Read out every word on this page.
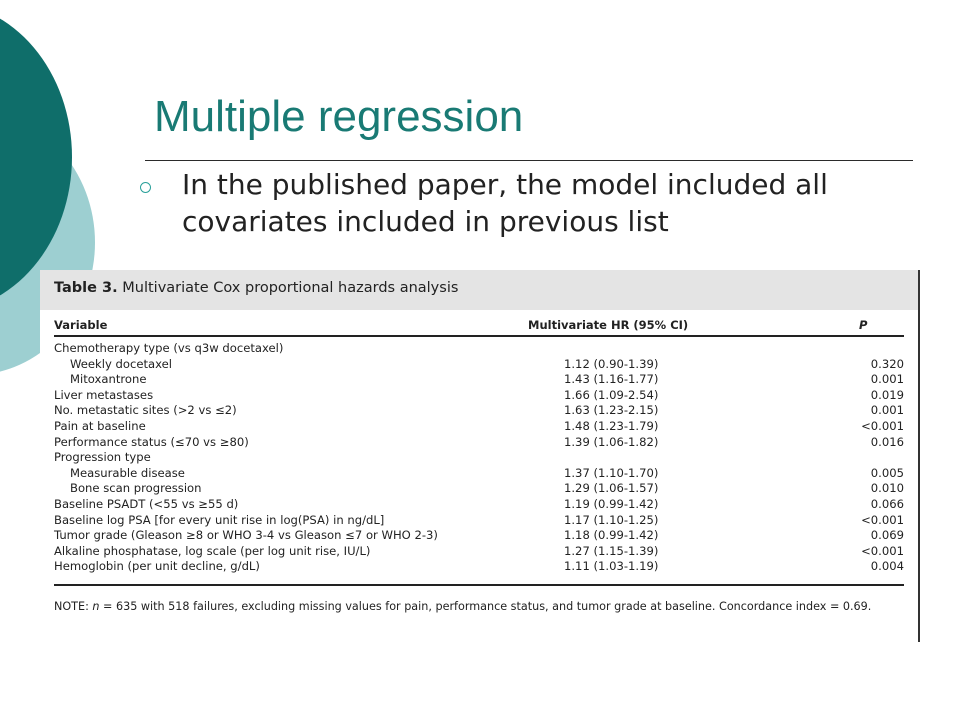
Multiple regression
In the published paper, the model included all covariates included in previous list
Table 3. Multivariate Cox proportional hazards analysis
Variable	Multivariate HR (95% CI)	P
Chemotherapy type (vs q3w docetaxel)
Weekly docetaxel	1.12 (0.90-1.39)	0.320
Mitoxantrone	1.43 (1.16-1.77)	0.001
Liver metastases	1.66 (1.09-2.54)	0.019
No. metastatic sites (>2 vs ≤2)	1.63 (1.23-2.15)	0.001
Pain at baseline	1.48 (1.23-1.79)	<0.001
Performance status (≤70 vs ≥80)	1.39 (1.06-1.82)	0.016
Progression type
Measurable disease	1.37 (1.10-1.70)	0.005
Bone scan progression	1.29 (1.06-1.57)	0.010
Baseline PSADT (<55 vs ≥55 d)	1.19 (0.99-1.42)	0.066
Baseline log PSA [for every unit rise in log(PSA) in ng/dL]	1.17 (1.10-1.25)	<0.001
Tumor grade (Gleason ≥8 or WHO 3-4 vs Gleason ≤7 or WHO 2-3)	1.18 (0.99-1.42)	0.069
Alkaline phosphatase, log scale (per log unit rise, IU/L)	1.27 (1.15-1.39)	<0.001
Hemoglobin (per unit decline, g/dL)	1.11 (1.03-1.19)	0.004
NOTE: n = 635 with 518 failures, excluding missing values for pain, performance status, and tumor grade at baseline. Concordance index = 0.69.
